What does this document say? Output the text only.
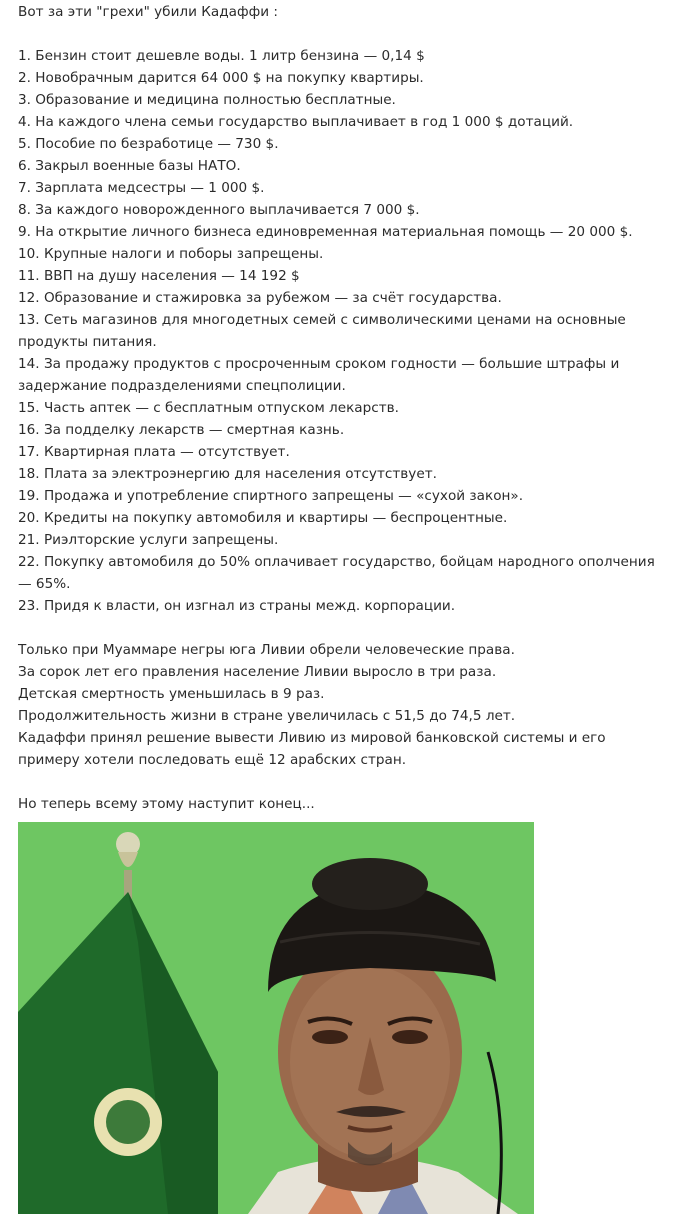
Вот за эти "грехи" убили Кадаффи :
1. Бензин стоит дешевле воды. 1 литр бензина — 0,14 $
2. Новобрачным дарится 64 000 $ на покупку квартиры.
3. Образование и медицина полностью бесплатные.
4. На каждого члена семьи государство выплачивает в год 1 000 $ дотаций.
5. Пособие по безработице — 730 $.
6. Закрыл военные базы НАТО.
7. Зарплата медсестры — 1 000 $.
8. За каждого новорожденного выплачивается 7 000 $.
9. На открытие личного бизнеса единовременная материальная помощь — 20 000 $.
10. Крупные налоги и поборы запрещены.
11. ВВП на душу населения — 14 192 $
12. Образование и стажировка за рубежом — за счёт государства.
13. Сеть магазинов для многодетных семей с символическими ценами на основные продукты питания.
14. За продажу продуктов с просроченным сроком годности — большие штрафы и задержание подразделениями спецполиции.
15. Часть аптек — с бесплатным отпуском лекарств.
16. За подделку лекарств — смертная казнь.
17. Квартирная плата — отсутствует.
18. Плата за электроэнергию для населения отсутствует.
19. Продажа и употребление спиртного запрещены — «сухой закон».
20. Кредиты на покупку автомобиля и квартиры — беспроцентные.
21. Риэлторские услуги запрещены.
22. Покупку автомобиля до 50% оплачивает государство, бойцам народного ополчения — 65%.
23. Придя к власти, он изгнал из страны межд. корпорации.
Только при Муаммаре негры юга Ливии обрели человеческие права.
За сорок лет его правления население Ливии выросло в три раза.
Детская смертность уменьшилась в 9 раз.
Продолжительность жизни в стране увеличилась с 51,5 до 74,5 лет.
Кадаффи принял решение вывести Ливию из мировой банковской системы и его примеру хотели последовать ещё 12 арабских стран.
Но теперь всему этому наступит конец...
